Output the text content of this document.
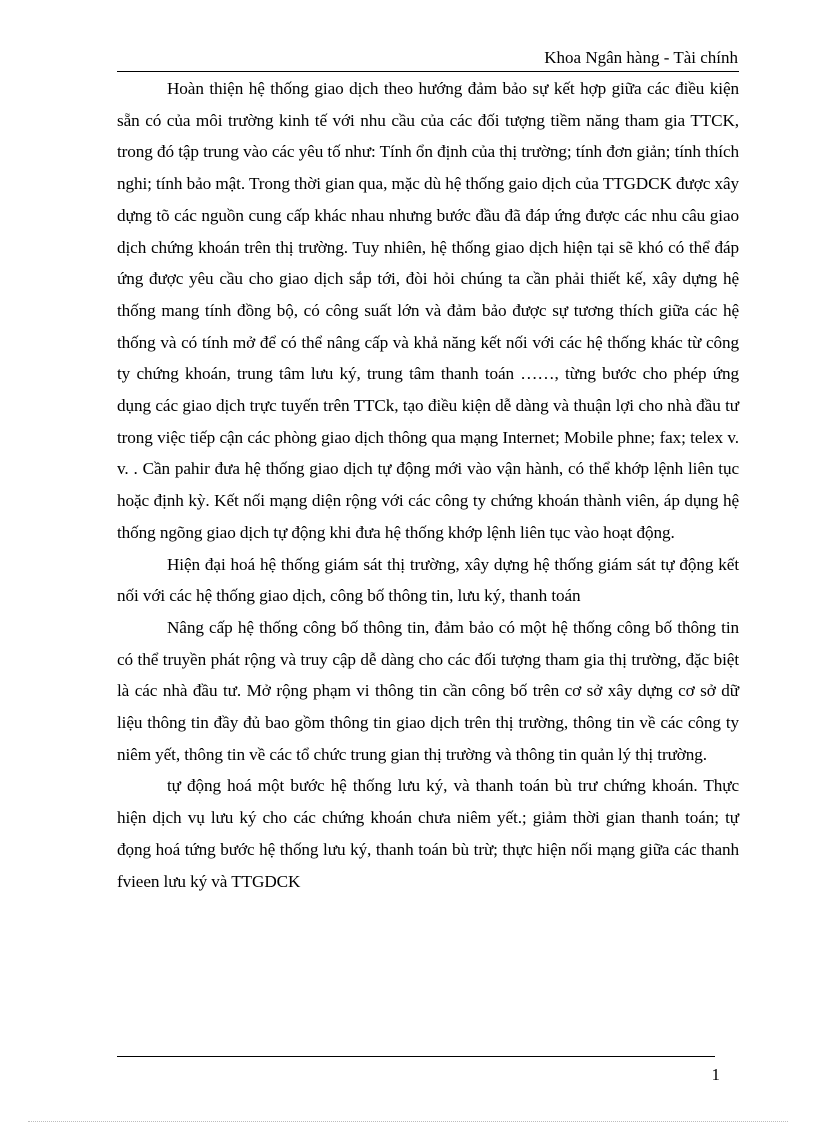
Khoa Ngân hàng - Tài chính

Hoàn thiện hệ thống giao dịch theo hướng đảm bảo sự kết hợp giữa các điều kiện sẵn có của môi trường kinh tế với nhu cầu của các đối tượng tiềm năng tham gia TTCK, trong đó tập trung vào các yêu tố như: Tính ổn định của thị trường; tính đơn giản; tính thích nghi; tính bảo mật. Trong thời gian qua, mặc dù hệ thống gaio dịch của TTGDCK được xây dựng tõ các nguồn cung cấp khác nhau nhưng bước đầu đã đáp ứng được các nhu câu giao dịch chứng khoán trên thị trường. Tuy nhiên, hệ thống giao dịch hiện tại sẽ khó có thể đáp ứng được yêu cầu cho giao dịch sắp tới, đòi hỏi chúng ta cần phải thiết kế, xây dựng hệ thống mang tính đồng bộ, có công suất lớn và đảm bảo được sự tương thích giữa các hệ thống và có tính mở để có thể nâng cấp và khả năng kết nối với các hệ thống khác từ công ty chứng khoán, trung tâm lưu ký, trung tâm thanh toán ……, từng bước cho phép ứng dụng các giao dịch trực tuyến trên TTCk, tạo điều kiện dễ dàng và thuận lợi cho nhà đầu tư trong việc tiếp cận các phòng giao dịch thông qua mạng Internet; Mobile phne; fax; telex v. v. . Cần pahir đưa hệ thống giao dịch tự động mới vào vận hành, có thể khớp lệnh liên tục hoặc định kỳ. Kết nối mạng diện rộng với các công ty chứng khoán thành viên, áp dụng hệ thống ngõng giao dịch tự động khi đưa hệ thống khớp lệnh liên tục vào hoạt động.

Hiện đại hoá hệ thống giám sát thị trường, xây dựng hệ thống giám sát tự động kết nối với các hệ thống giao dịch, công bố thông tin, lưu ký, thanh toán

Nâng cấp hệ thống công bố thông tin, đảm bảo có một hệ thống công bố thông tin có thể truyền phát rộng và truy cập dễ dàng cho các đối tượng tham gia thị trường, đặc biệt là các nhà đầu tư. Mở rộng phạm vi thông tin cần công bố trên cơ sở xây dựng cơ sở dữ liệu thông tin đầy đủ bao gồm thông tin giao dịch trên thị trường, thông tin về các công ty niêm yết, thông tin về các tổ chức trung gian thị trường và thông tin quản lý thị trường.

tự động hoá một bước hệ thống lưu ký, và thanh toán bù trư chứng khoán. Thực hiện dịch vụ lưu ký cho các chứng khoán chưa niêm yết.; giảm thời gian thanh toán; tự đọng hoá tứng bước hệ thống lưu ký, thanh toán bù trừ; thực hiện nối mạng giữa các thanh fvieen lưu ký và TTGDCK

1
